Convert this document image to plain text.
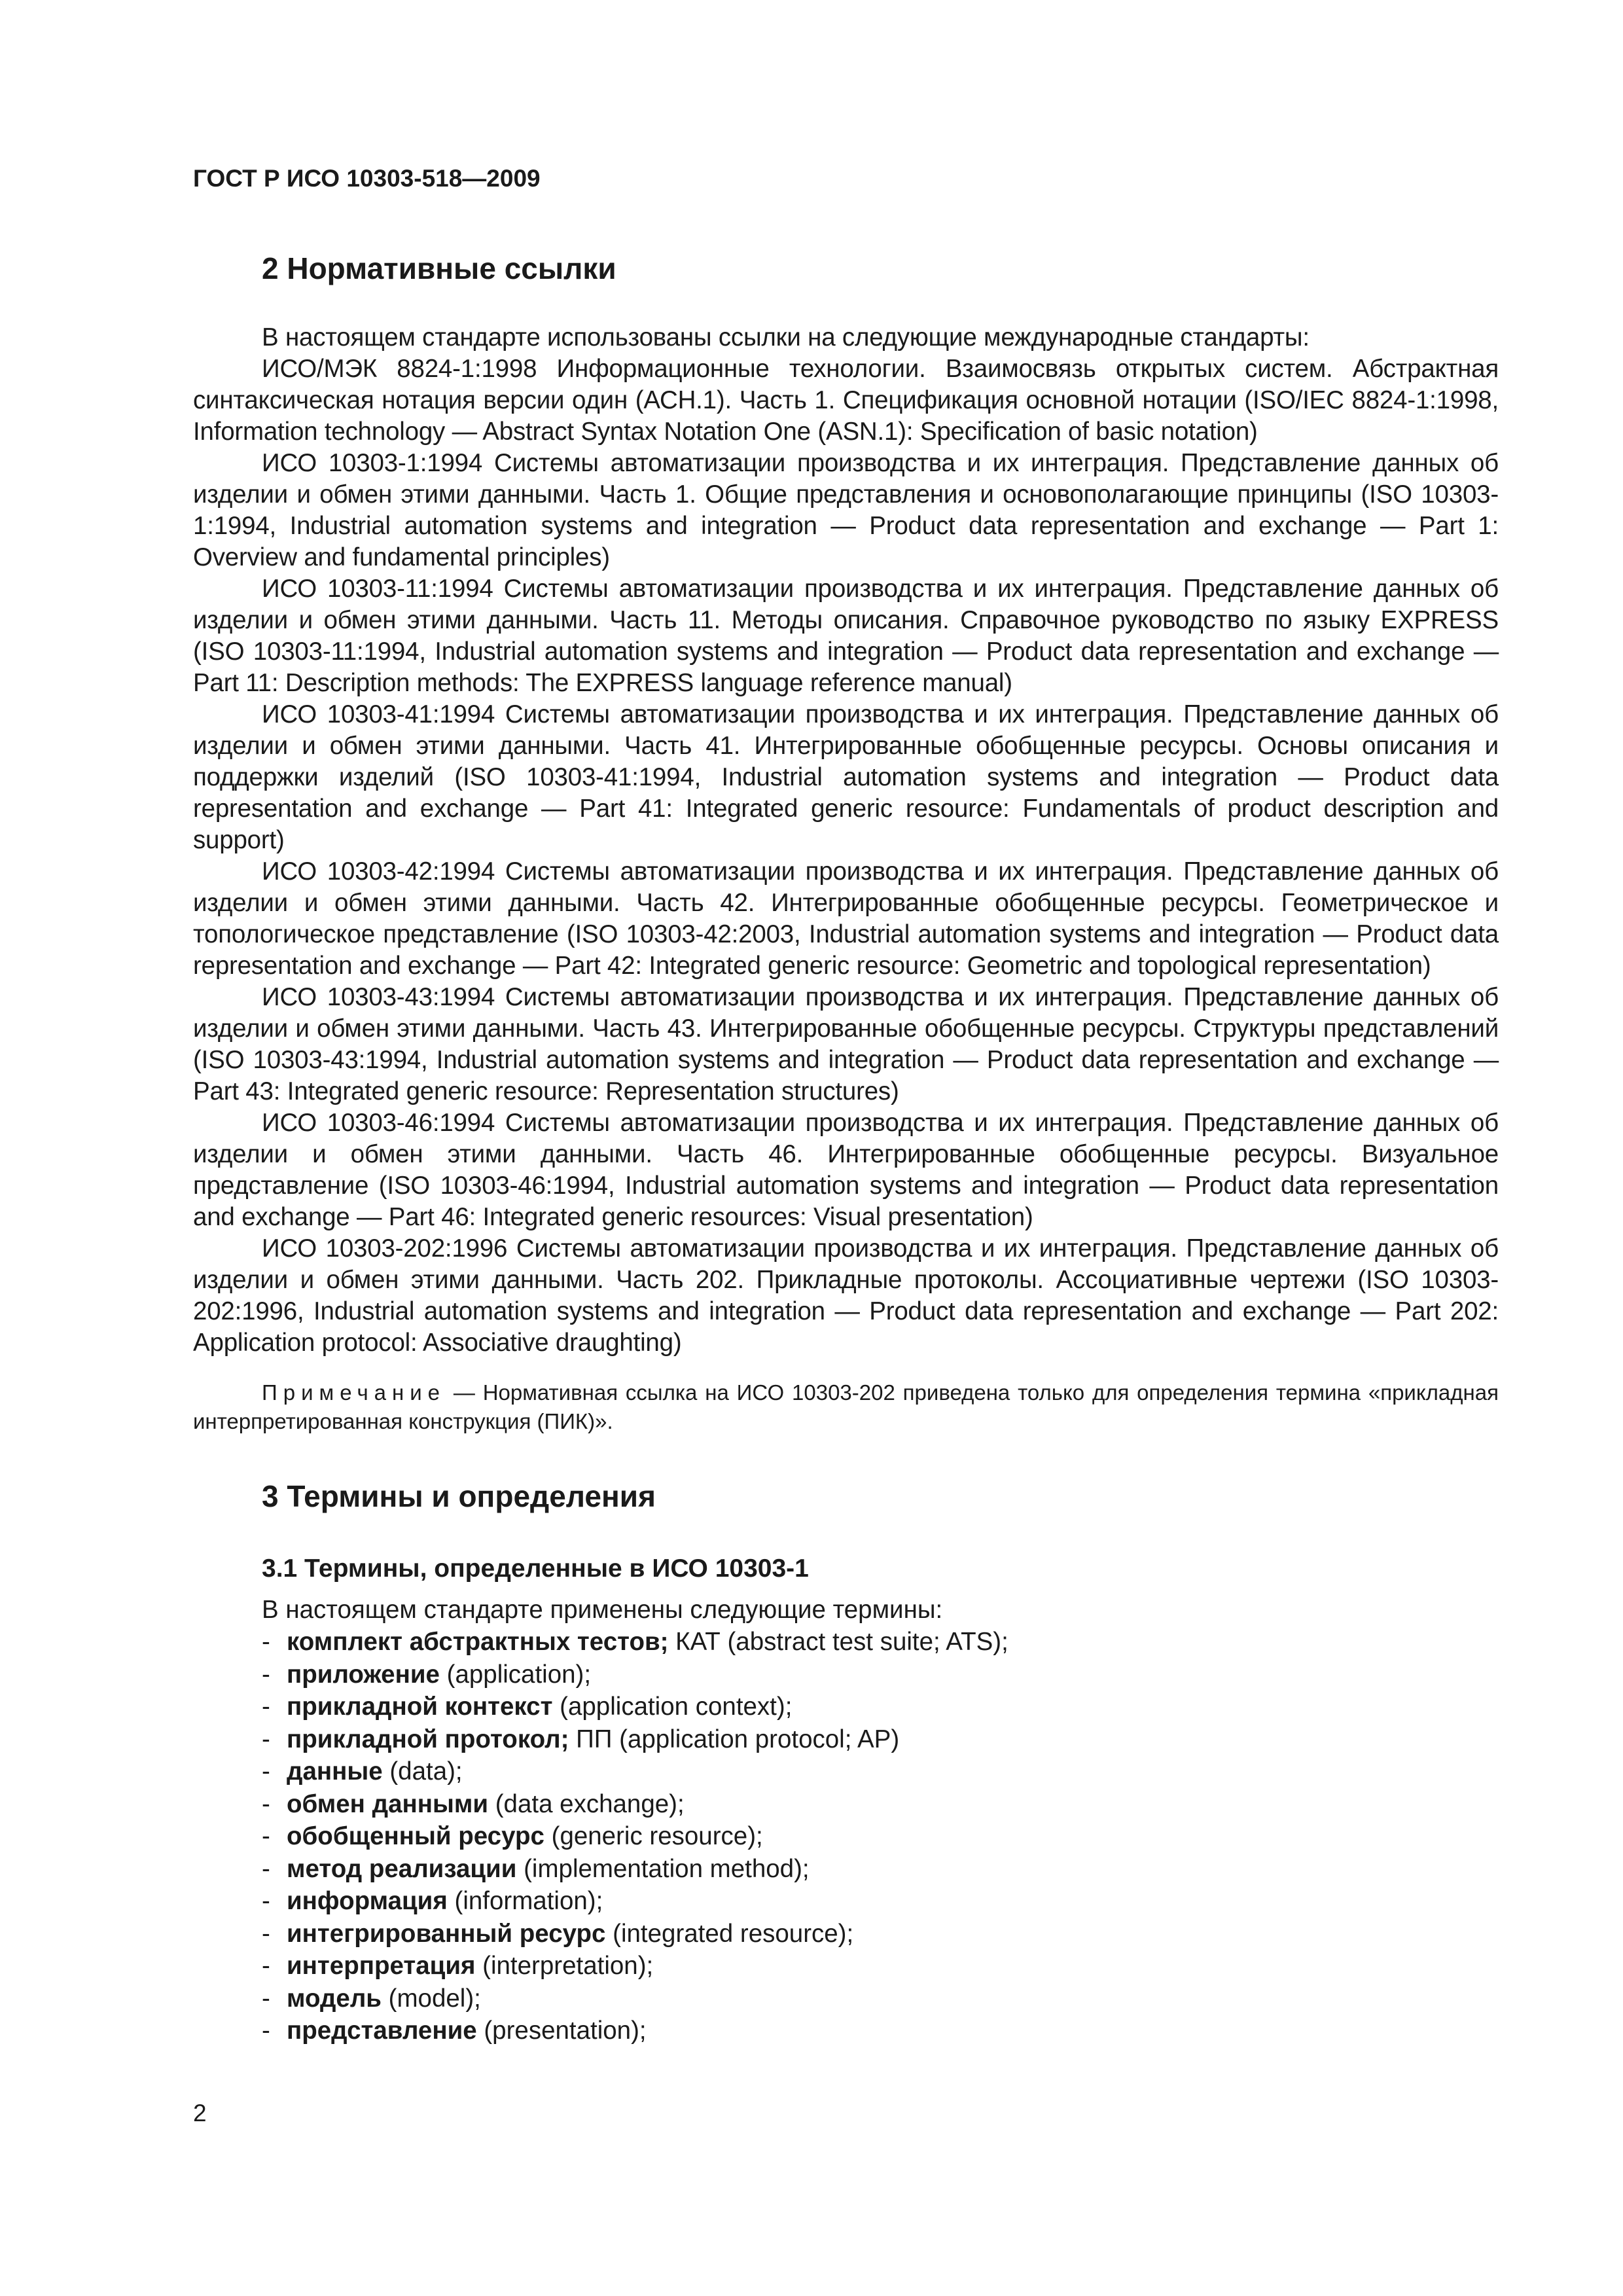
ГОСТ Р ИСО 10303-518—2009

2 Нормативные ссылки

В настоящем стандарте использованы ссылки на следующие международные стандарты:

ИСО/МЭК 8824-1:1998 Информационные технологии. Взаимосвязь открытых систем. Абстрактная синтаксическая нотация версии один (АСН.1). Часть 1. Спецификация основной нотации (ISO/IEC 8824-1:1998, Information technology — Abstract Syntax Notation One (ASN.1): Specification of basic notation)

ИСО 10303-1:1994 Системы автоматизации производства и их интеграция. Представление данных об изделии и обмен этими данными. Часть 1. Общие представления и основополагающие принципы (ISO 10303-1:1994, Industrial automation systems and integration — Product data representation and exchange — Part 1: Overview and fundamental principles)

ИСО 10303-11:1994 Системы автоматизации производства и их интеграция. Представление данных об изделии и обмен этими данными. Часть 11. Методы описания. Справочное руководство по языку EXPRESS (ISO 10303-11:1994, Industrial automation systems and integration — Product data representation and exchange — Part 11: Description methods: The EXPRESS language reference manual)

ИСО 10303-41:1994 Системы автоматизации производства и их интеграция. Представление данных об изделии и обмен этими данными. Часть 41. Интегрированные обобщенные ресурсы. Основы описания и поддержки изделий (ISO 10303-41:1994, Industrial automation systems and integration — Product data representation and exchange — Part 41: Integrated generic resource: Fundamentals of product description and support)

ИСО 10303-42:1994 Системы автоматизации производства и их интеграция. Представление данных об изделии и обмен этими данными. Часть 42. Интегрированные обобщенные ресурсы. Геометрическое и топологическое представление (ISO 10303-42:2003, Industrial automation systems and integration — Product data representation and exchange — Part 42: Integrated generic resource: Geometric and topological representation)

ИСО 10303-43:1994 Системы автоматизации производства и их интеграция. Представление данных об изделии и обмен этими данными. Часть 43. Интегрированные обобщенные ресурсы. Структуры представлений (ISO 10303-43:1994, Industrial automation systems and integration — Product data representation and exchange — Part 43: Integrated generic resource: Representation structures)

ИСО 10303-46:1994 Системы автоматизации производства и их интеграция. Представление данных об изделии и обмен этими данными. Часть 46. Интегрированные обобщенные ресурсы. Визуальное представление (ISO 10303-46:1994, Industrial automation systems and integration — Product data representation and exchange — Part 46: Integrated generic resources: Visual presentation)

ИСО 10303-202:1996 Системы автоматизации производства и их интеграция. Представление данных об изделии и обмен этими данными. Часть 202. Прикладные протоколы. Ассоциативные чертежи (ISO 10303-202:1996, Industrial automation systems and integration — Product data representation and exchange — Part 202: Application protocol: Associative draughting)

Примечание — Нормативная ссылка на ИСО 10303-202 приведена только для определения термина «прикладная интерпретированная конструкция (ПИК)».

3 Термины и определения
3.1 Термины, определенные в ИСО 10303-1

В настоящем стандарте применены следующие термины:

- комплект абстрактных тестов; КАТ (abstract test suite; ATS);
- приложение (application);
- прикладной контекст (application context);
- прикладной протокол; ПП (application protocol; AP)
- данные (data);
- обмен данными (data exchange);
- обобщенный ресурс (generic resource);
- метод реализации (implementation method);
- информация (information);
- интегрированный ресурс (integrated resource);
- интерпретация (interpretation);
- модель (model);
- представление (presentation);
2
